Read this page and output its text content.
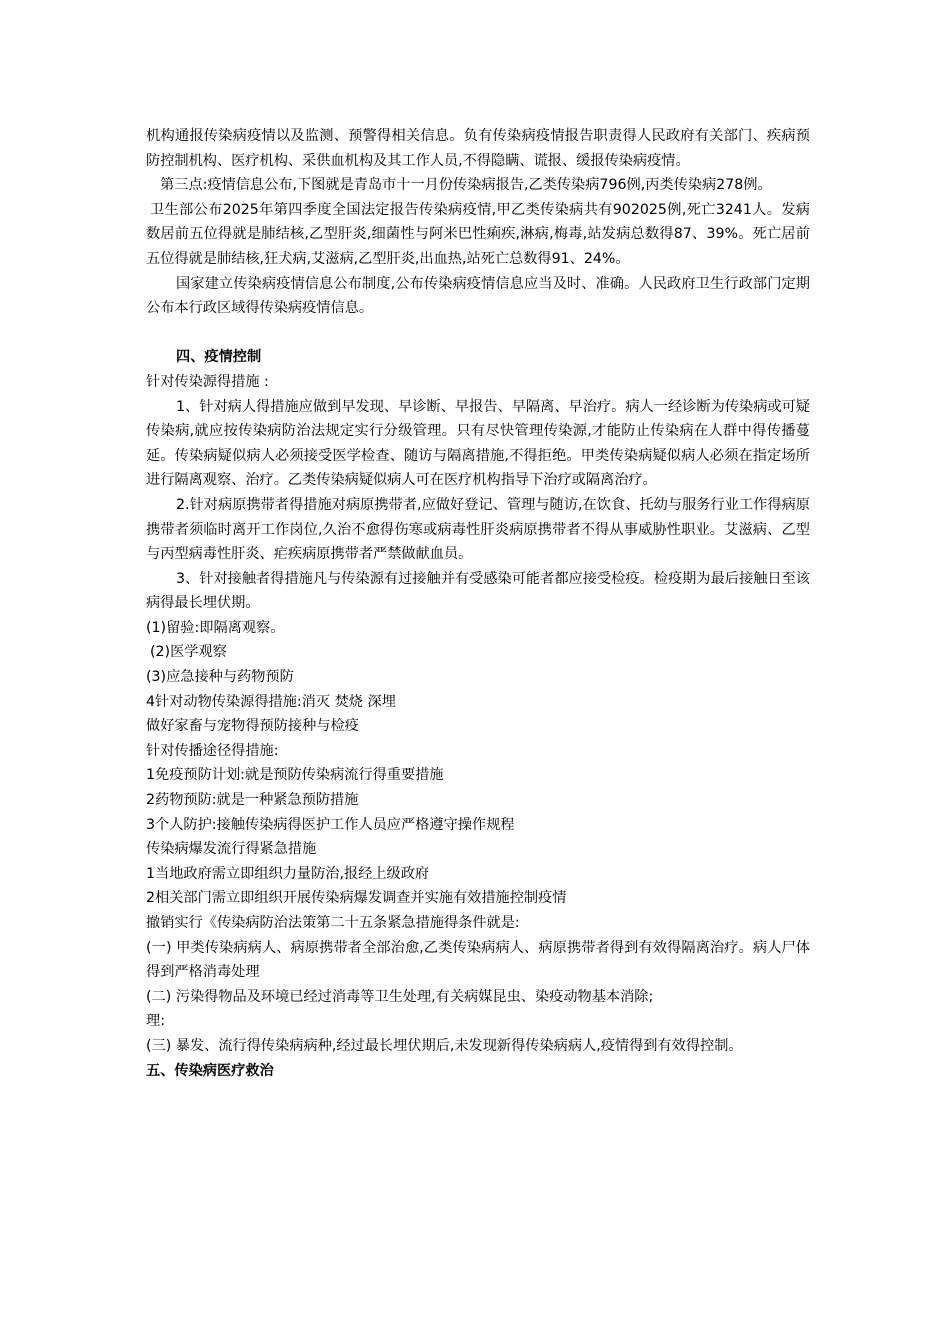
机构通报传染病疫情以及监测、预警得相关信息。负有传染病疫情报告职责得人民政府有关部门、疾病预防控制机构、医疗机构、采供血机构及其工作人员,不得隐瞒、谎报、缓报传染病疫情。

第三点:疫情信息公布,下图就是青岛市十一月份传染病报告,乙类传染病796例,丙类传染病278例。

卫生部公布2025年第四季度全国法定报告传染病疫情,甲乙类传染病共有902025例,死亡3241人。发病数居前五位得就是肺结核,乙型肝炎,细菌性与阿米巴性痢疾,淋病,梅毒,站发病总数得87、39%。死亡居前五位得就是肺结核,狂犬病,艾滋病,乙型肝炎,出血热,站死亡总数得91、24%。

国家建立传染病疫情信息公布制度,公布传染病疫情信息应当及时、准确。人民政府卫生行政部门定期公布本行政区域得传染病疫情信息。

四、疫情控制

针对传染源得措施 :

1、针对病人得措施应做到早发现、早诊断、早报告、早隔离、早治疗。病人一经诊断为传染病或可疑传染病,就应按传染病防治法规定实行分级管理。只有尽快管理传染源,才能防止传染病在人群中得传播蔓延。传染病疑似病人必须接受医学检查、随访与隔离措施,不得拒绝。甲类传染病疑似病人必须在指定场所进行隔离观察、治疗。乙类传染病疑似病人可在医疗机构指导下治疗或隔离治疗。

2.针对病原携带者得措施对病原携带者,应做好登记、管理与随访,在饮食、托幼与服务行业工作得病原携带者须临时离开工作岗位,久治不愈得伤寒或病毒性肝炎病原携带者不得从事威胁性职业。艾滋病、乙型与丙型病毒性肝炎、疟疾病原携带者严禁做献血员。

3、针对接触者得措施凡与传染源有过接触并有受感染可能者都应接受检疫。检疫期为最后接触日至该病得最长埋伏期。

(1)留验:即隔离观察。

(2)医学观察

(3)应急接种与药物预防

4针对动物传染源得措施:消灭 焚烧 深埋

做好家畜与宠物得预防接种与检疫

针对传播途径得措施:

1免疫预防计划:就是预防传染病流行得重要措施

2药物预防:就是一种紧急预防措施

3个人防护:接触传染病得医护工作人员应严格遵守操作规程

传染病爆发流行得紧急措施

1当地政府需立即组织力量防治,报经上级政府

2相关部门需立即组织开展传染病爆发调查并实施有效措施控制疫情

撤销实行《传染病防治法策第二十五条紧急措施得条件就是:

(一) 甲类传染病病人、病原携带者全部治愈,乙类传染病病人、病原携带者得到有效得隔离治疗。病人尸体得到严格消毒处理

(二) 污染得物品及环境已经过消毒等卫生处理,有关病媒昆虫、染疫动物基本消除;

理:

(三) 暴发、流行得传染病病种,经过最长埋伏期后,未发现新得传染病病人,疫情得到有效得控制。

五、传染病医疗救治
